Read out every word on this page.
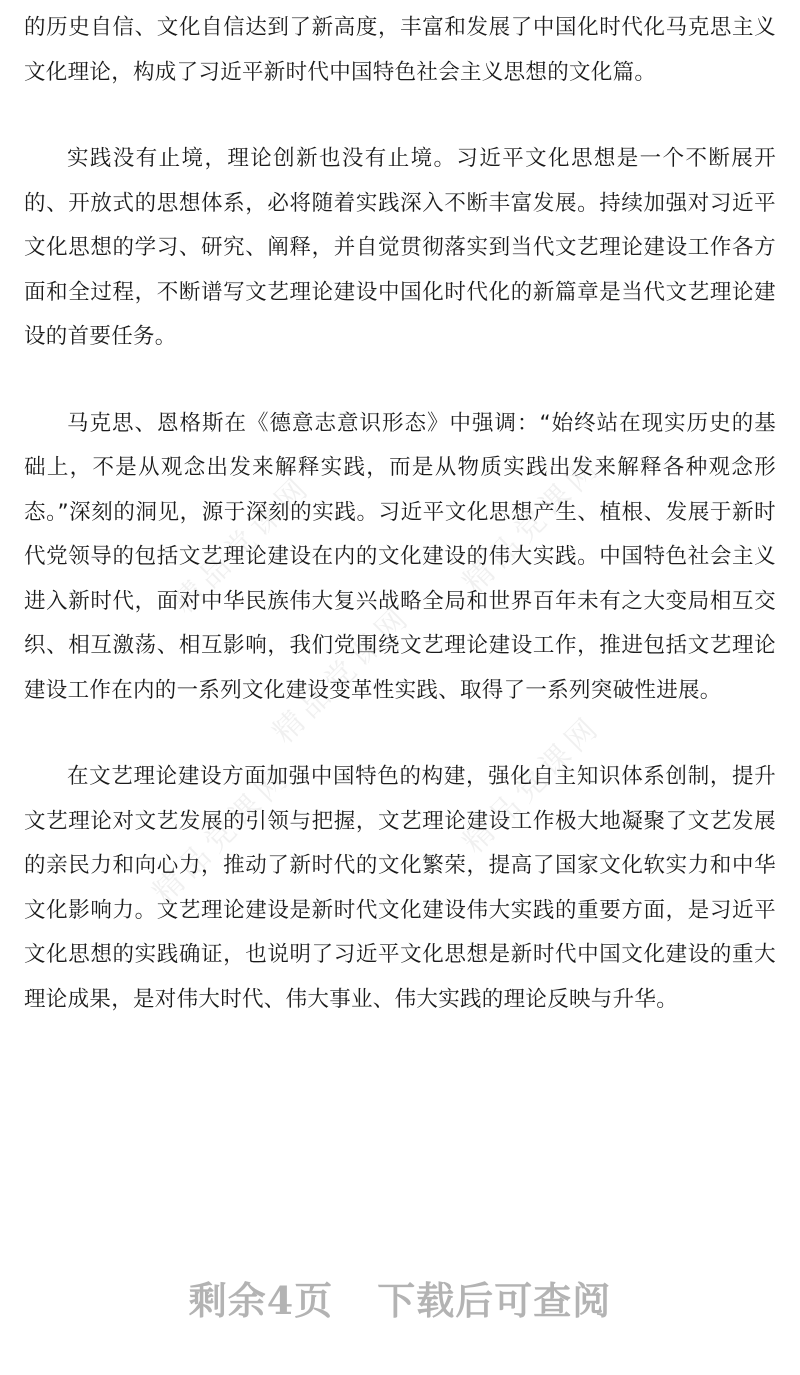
精品党课网	精品党课网
精品党课网
精品党课网
精品党课网

的历史自信、文化自信达到了新高度，丰富和发展了中国化时代化马克思主义文化理论，构成了习近平新时代中国特色社会主义思想的文化篇。

实践没有止境，理论创新也没有止境。习近平文化思想是一个不断展开的、开放式的思想体系，必将随着实践深入不断丰富发展。持续加强对习近平文化思想的学习、研究、阐释，并自觉贯彻落实到当代文艺理论建设工作各方面和全过程，不断谱写文艺理论建设中国化时代化的新篇章是当代文艺理论建设的首要任务。

马克思、恩格斯在《德意志意识形态》中强调：“始终站在现实历史的基础上，不是从观念出发来解释实践，而是从物质实践出发来解释各种观念形态。”深刻的洞见，源于深刻的实践。习近平文化思想产生、植根、发展于新时代党领导的包括文艺理论建设在内的文化建设的伟大实践。中国特色社会主义进入新时代，面对中华民族伟大复兴战略全局和世界百年未有之大变局相互交织、相互激荡、相互影响，我们党围绕文艺理论建设工作，推进包括文艺理论建设工作在内的一系列文化建设变革性实践、取得了一系列突破性进展。

在文艺理论建设方面加强中国特色的构建，强化自主知识体系创制，提升文艺理论对文艺发展的引领与把握，文艺理论建设工作极大地凝聚了文艺发展的亲民力和向心力，推动了新时代的文化繁荣，提高了国家文化软实力和中华文化影响力。文艺理论建设是新时代文化建设伟大实践的重要方面，是习近平文化思想的实践确证，也说明了习近平文化思想是新时代中国文化建设的重大理论成果，是对伟大时代、伟大事业、伟大实践的理论反映与升华。

剩余4页 下载后可查阅
